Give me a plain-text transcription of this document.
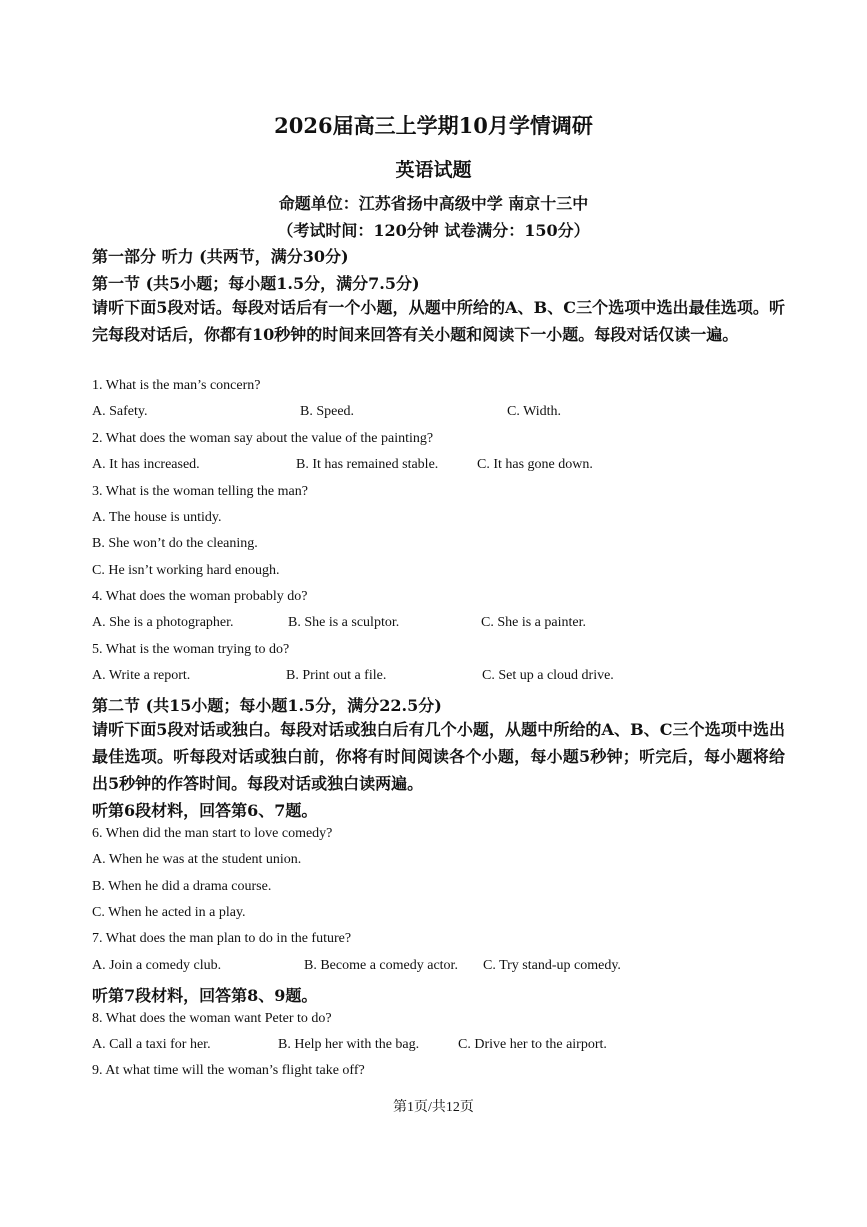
2026届高三上学期10月学情调研
英语试题
命题单位：江苏省扬中高级中学 南京十三中
（考试时间：120分钟 试卷满分：150分）
第一部分 听力 (共两节，满分30分)
第一节 (共5小题；每小题1.5分，满分7.5分)
请听下面5段对话。每段对话后有一个小题，从题中所给的A、B、C三个选项中选出最佳选项。听完每段对话后，你都有10秒钟的时间来回答有关小题和阅读下一小题。每段对话仅读一遍。
1. What is the man’s concern?
A. Safety.	B. Speed.	C. Width.
2. What does the woman say about the value of the painting?
A. It has increased.	B. It has remained stable.	C. It has gone down.
3. What is the woman telling the man?
A. The house is untidy.
B. She won’t do the cleaning.
C. He isn’t working hard enough.
4. What does the woman probably do?
A. She is a photographer.	B. She is a sculptor.	C. She is a painter.
5. What is the woman trying to do?
A. Write a report.	B. Print out a file.	C. Set up a cloud drive.
第二节 (共15小题；每小题1.5分，满分22.5分)
请听下面5段对话或独白。每段对话或独白后有几个小题，从题中所给的A、B、C三个选项中选出最佳选项。听每段对话或独白前，你将有时间阅读各个小题，每小题5秒钟；听完后，每小题将给出5秒钟的作答时间。每段对话或独白读两遍。
听第6段材料，回答第6、7题。
6. When did the man start to love comedy?
A. When he was at the student union.
B. When he did a drama course.
C. When he acted in a play.
7. What does the man plan to do in the future?
A. Join a comedy club.	B. Become a comedy actor. C. Try stand-up comedy.
听第7段材料，回答第8、9题。
8. What does the woman want Peter to do?
A. Call a taxi for her.	B. Help her with the bag.	C. Drive her to the airport.
9. At what time will the woman’s flight take off?
第1页/共12页
